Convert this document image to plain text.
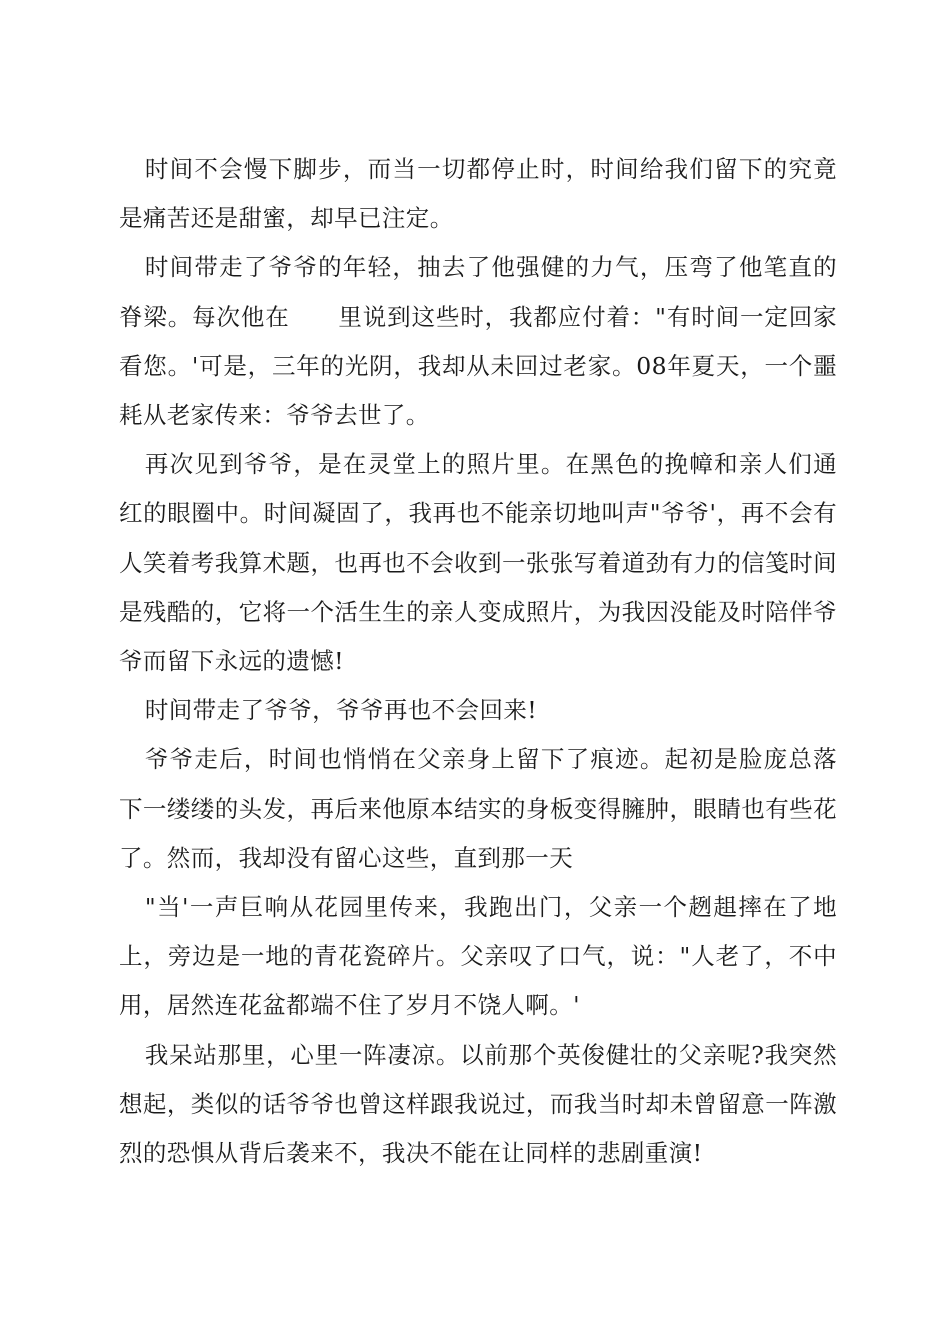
时间不会慢下脚步，而当一切都停止时，时间给我们留下的究竟是痛苦还是甜蜜，却早已注定。

时间带走了爷爷的年轻，抽去了他强健的力气，压弯了他笔直的脊梁。每次他在　　里说到这些时，我都应付着："有时间一定回家看您。'可是，三年的光阴，我却从未回过老家。08年夏天，一个噩耗从老家传来：爷爷去世了。

再次见到爷爷，是在灵堂上的照片里。在黑色的挽幛和亲人们通红的眼圈中。时间凝固了，我再也不能亲切地叫声"爷爷'，再不会有人笑着考我算术题，也再也不会收到一张张写着道劲有力的信笺时间是残酷的，它将一个活生生的亲人变成照片，为我因没能及时陪伴爷爷而留下永远的遗憾!

时间带走了爷爷，爷爷再也不会回来!

爷爷走后，时间也悄悄在父亲身上留下了痕迹。起初是脸庞总落下一缕缕的头发，再后来他原本结实的身板变得臃肿，眼睛也有些花了。然而，我却没有留心这些，直到那一天

"当'一声巨响从花园里传来，我跑出门，父亲一个趔趄摔在了地上，旁边是一地的青花瓷碎片。父亲叹了口气，说："人老了，不中用，居然连花盆都端不住了岁月不饶人啊。'

我呆站那里，心里一阵凄凉。以前那个英俊健壮的父亲呢?我突然想起，类似的话爷爷也曾这样跟我说过，而我当时却未曾留意一阵激烈的恐惧从背后袭来不，我决不能在让同样的悲剧重演!
